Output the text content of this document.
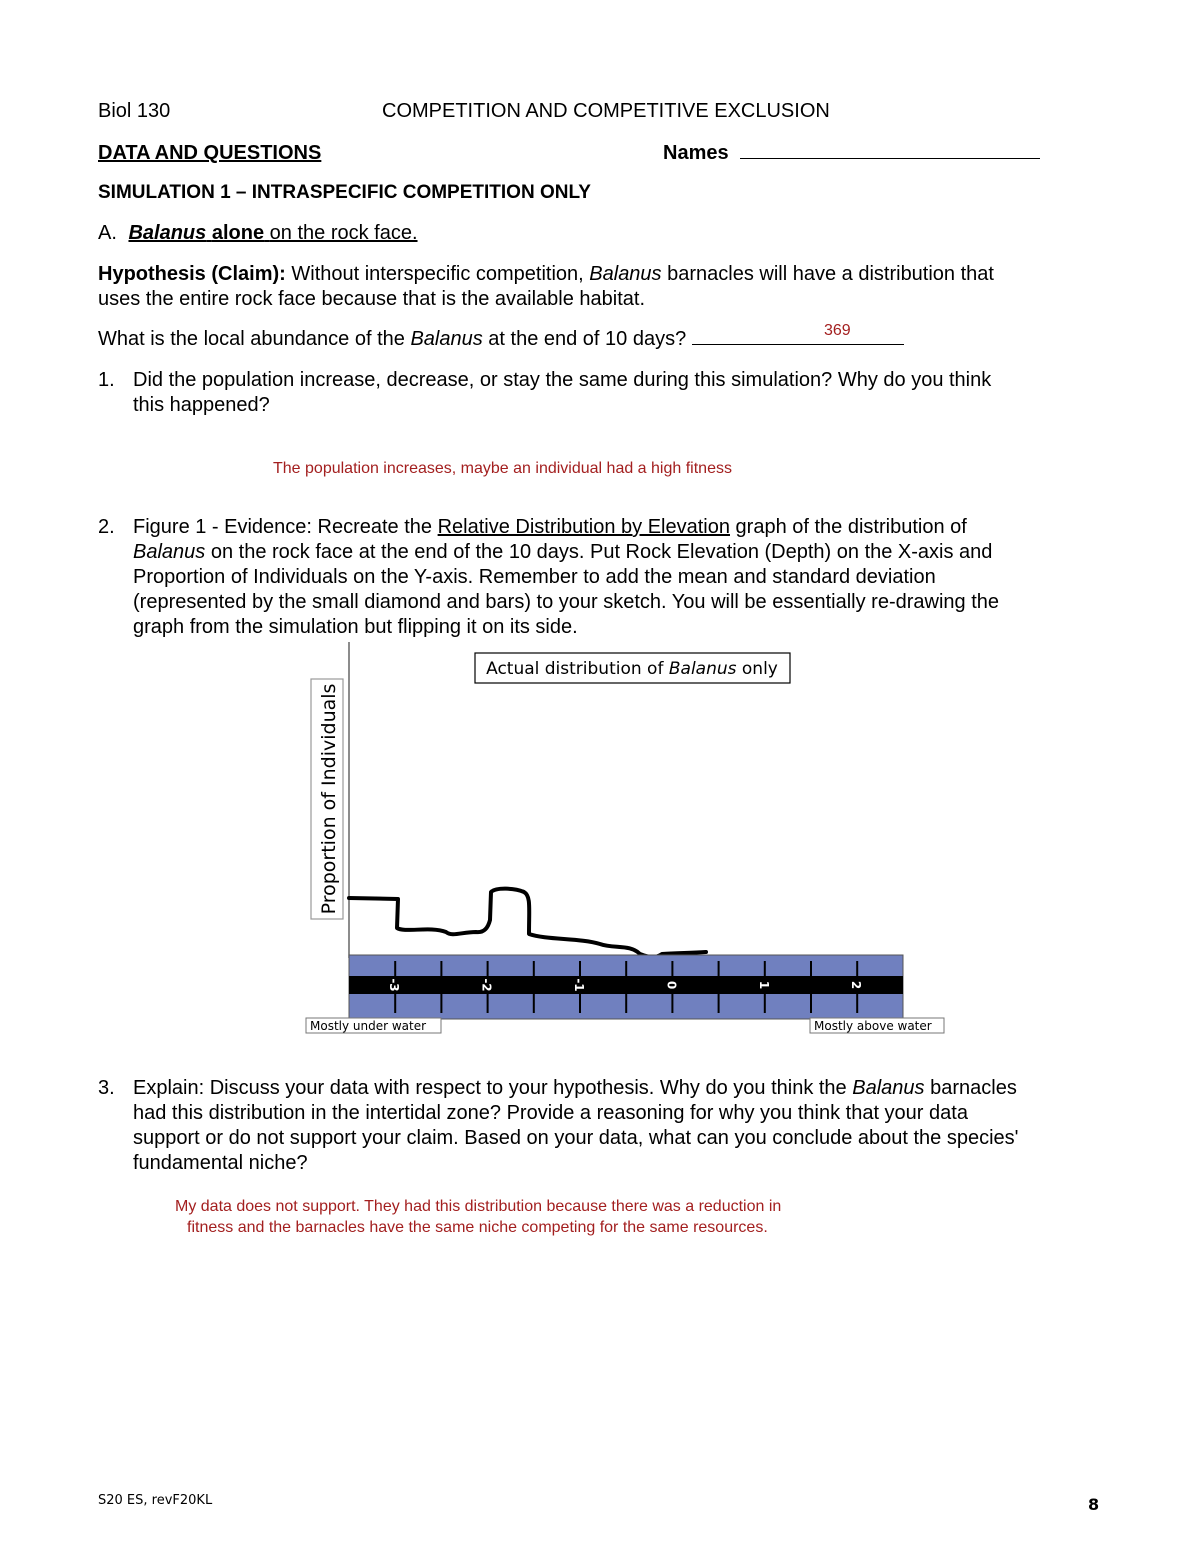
Biol 130	COMPETITION AND COMPETITIVE EXCLUSION
DATA AND QUESTIONS	Names
SIMULATION 1 – INTRASPECIFIC COMPETITION ONLY
A. Balanus alone on the rock face.
Hypothesis (Claim): Without interspecific competition, Balanus barnacles will have a distribution that
uses the entire rock face because that is the available habitat.
What is the local abundance of the Balanus at the end of 10 days?	369
1. Did the population increase, decrease, or stay the same during this simulation? Why do you think
this happened?
The population increases, maybe an individual had a high fitness
2. Figure 1 - Evidence: Recreate the Relative Distribution by Elevation graph of the distribution of
Balanus on the rock face at the end of the 10 days. Put Rock Elevation (Depth) on the X-axis and
Proportion of Individuals on the Y-axis. Remember to add the mean and standard deviation
(represented by the small diamond and bars) to your sketch. You will be essentially re-drawing the
graph from the simulation but flipping it on its side.
Actual distribution of Balanus only
Proportion of Individuals
-3	-2	-1	0	1	2
Mostly under water	Mostly above water
3. Explain: Discuss your data with respect to your hypothesis. Why do you think the Balanus barnacles
had this distribution in the intertidal zone? Provide a reasoning for why you think that your data
support or do not support your claim. Based on your data, what can you conclude about the species'
fundamental niche?
My data does not support. They had this distribution because there was a reduction in
fitness and the barnacles have the same niche competing for the same resources.
S20 ES, revF20KL	8
